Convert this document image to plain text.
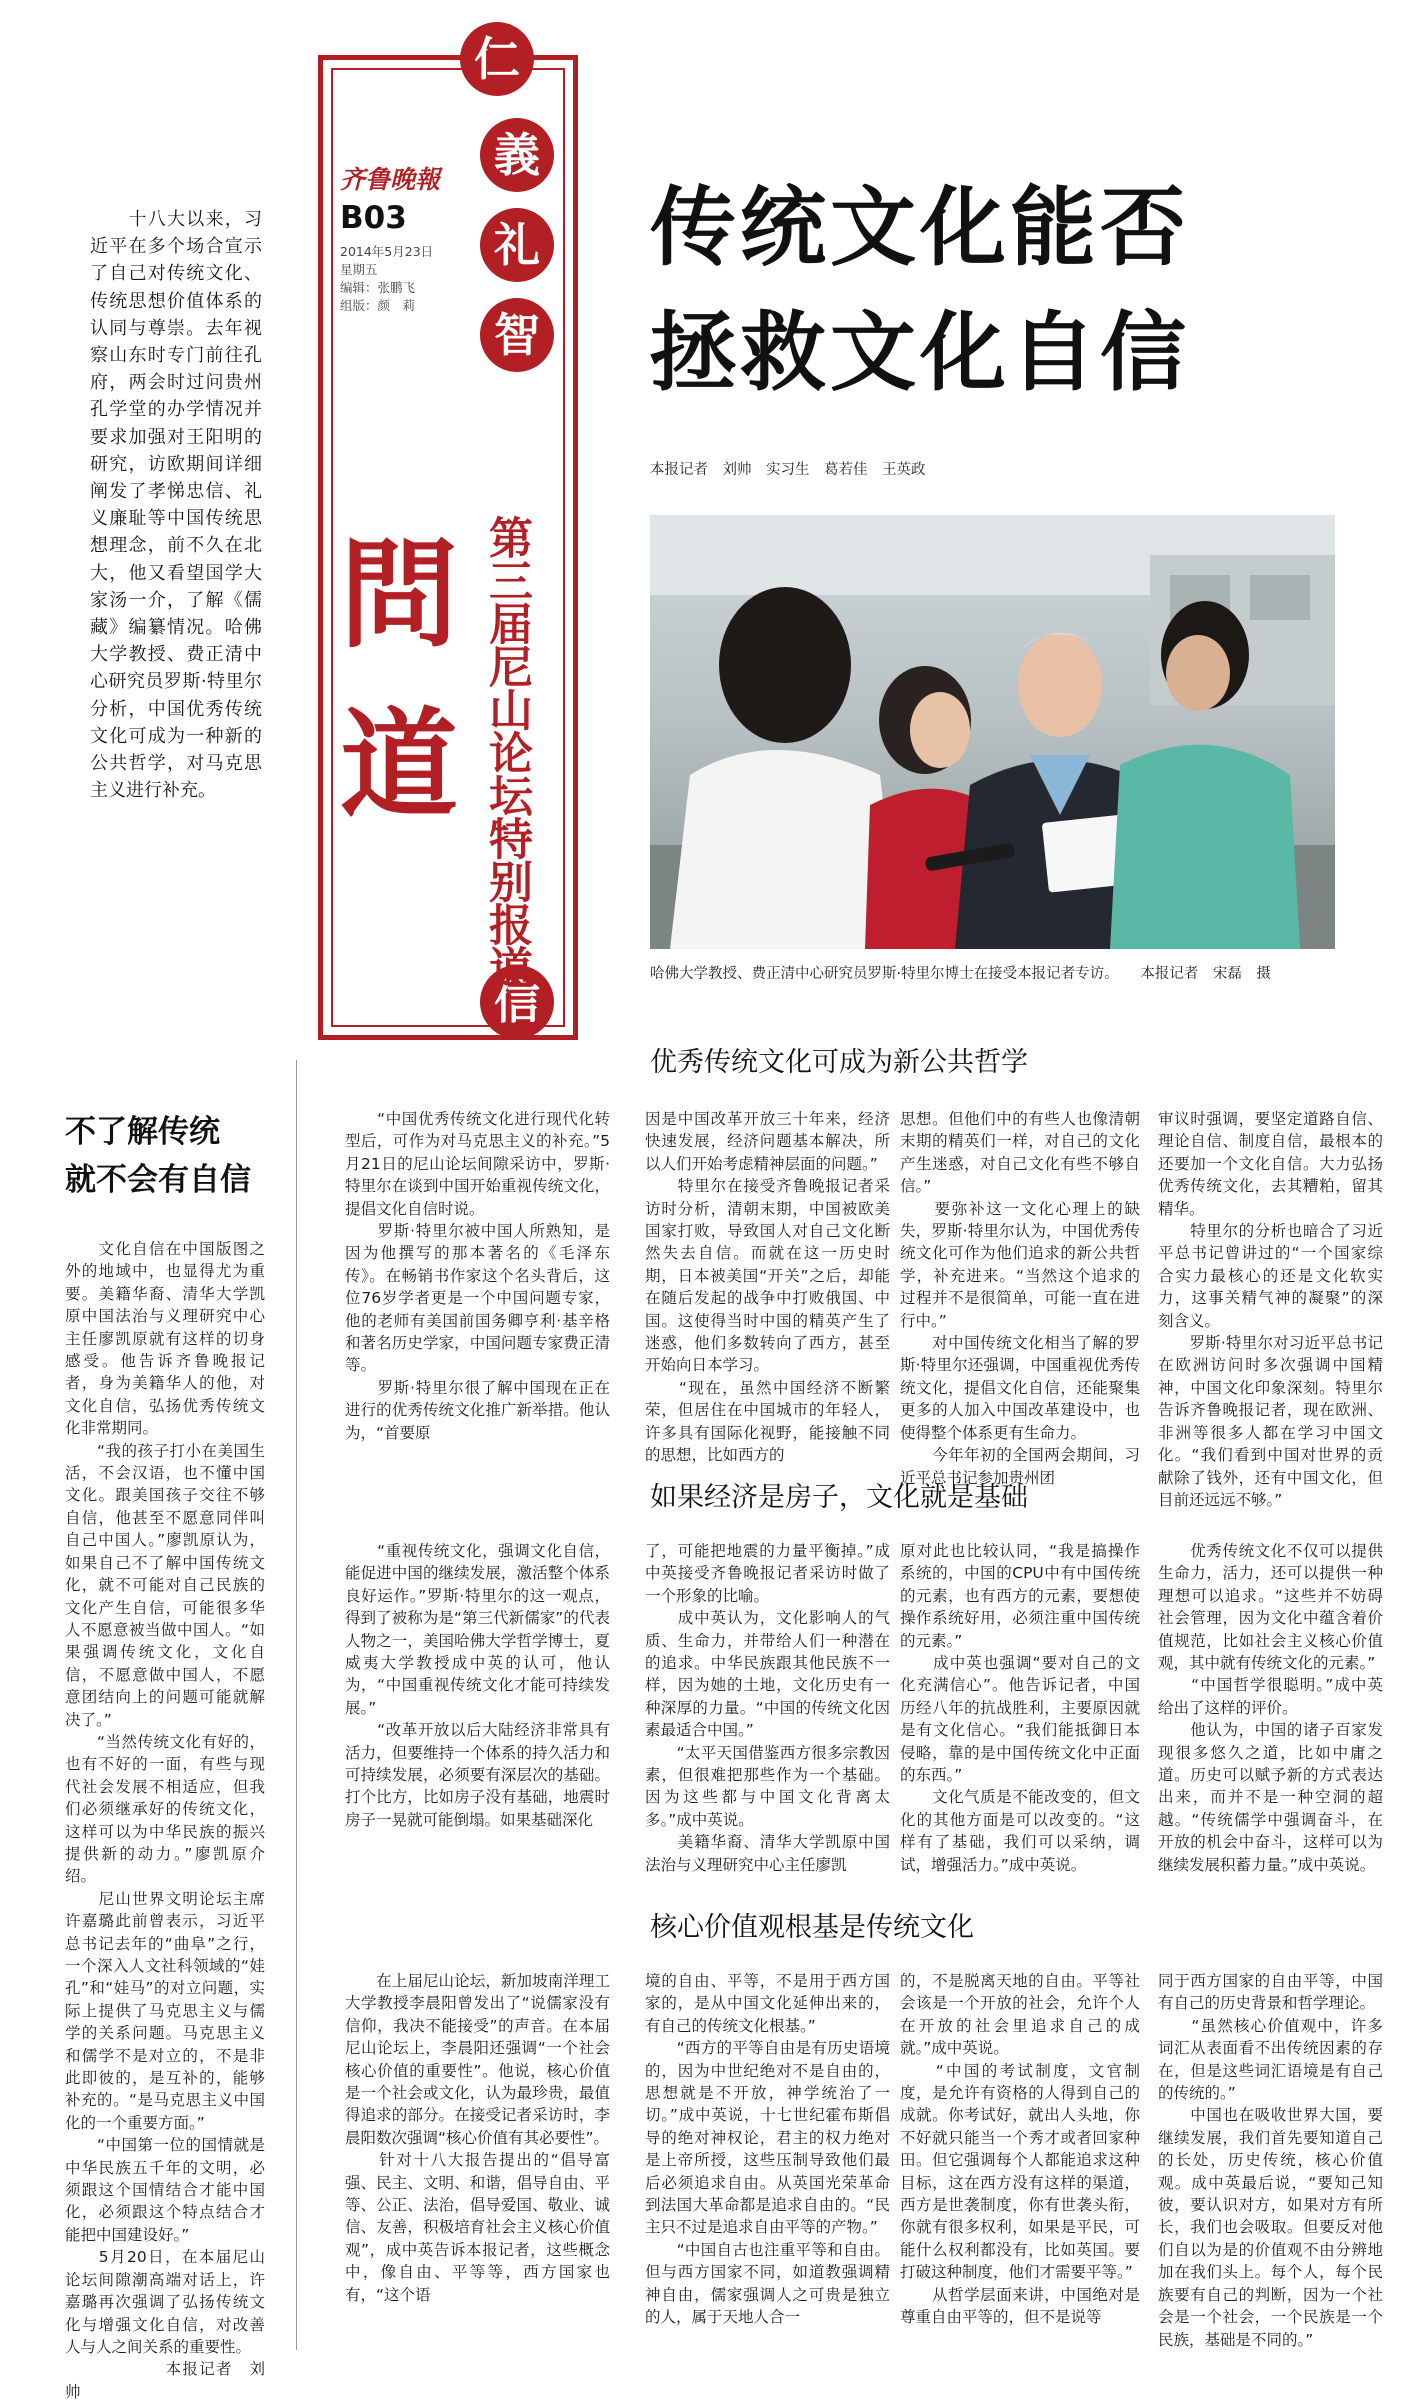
齐鲁晚報
B03
2014年5月23日
星期五
编辑：张鹏飞
组版：颜　莉
仁
義
礼
智
信
問
道 第三届尼山论坛特别报道
　　十八大以来，习近平在多个场合宣示了自己对传统文化、传统思想价值体系的认同与尊崇。去年视察山东时专门前往孔府，两会时过问贵州孔学堂的办学情况并要求加强对王阳明的研究，访欧期间详细阐发了孝悌忠信、礼义廉耻等中国传统思想理念，前不久在北大，他又看望国学大家汤一介，了解《儒藏》编纂情况。哈佛大学教授、费正清中心研究员罗斯·特里尔分析，中国优秀传统文化可成为一种新的公共哲学，对马克思主义进行补充。
传统文化能否
拯救文化自信
本报记者　刘帅　实习生　葛若佳　王英政
哈佛大学教授、费正清中心研究员罗斯·特里尔博士在接受本报记者专访。　　本报记者　宋磊　摄
不了解传统
就不会有自信
　　文化自信在中国版图之外的地域中，也显得尤为重要。美籍华裔、清华大学凯原中国法治与义理研究中心主任廖凯原就有这样的切身感受。他告诉齐鲁晚报记者，身为美籍华人的他，对文化自信，弘扬优秀传统文化非常期同。
　　“我的孩子打小在美国生活，不会汉语，也不懂中国文化。跟美国孩子交往不够自信，他甚至不愿意同伴叫自己中国人。”廖凯原认为，如果自己不了解中国传统文化，就不可能对自己民族的文化产生自信，可能很多华人不愿意被当做中国人。“如果强调传统文化，文化自信，不愿意做中国人，不愿意团结向上的问题可能就解决了。”
　　“当然传统文化有好的，也有不好的一面，有些与现代社会发展不相适应，但我们必须继承好的传统文化，这样可以为中华民族的振兴提供新的动力。”廖凯原介绍。
　　尼山世界文明论坛主席许嘉璐此前曾表示，习近平总书记去年的“曲阜”之行，一个深入人文社科领域的“娃孔”和“娃马”的对立问题，实际上提供了马克思主义与儒学的关系问题。马克思主义和儒学不是对立的，不是非此即彼的，是互补的，能够补充的。“是马克思主义中国化的一个重要方面。”
　　“中国第一位的国情就是中华民族五千年的文明，必须跟这个国情结合才能中国化，必须跟这个特点结合才能把中国建设好。”
　　5月20日，在本届尼山论坛间隙潮高端对话上，许嘉璐再次强调了弘扬传统文化与增强文化自信，对改善人与人之间关系的重要性。
　　　　　　本报记者　刘帅
优秀传统文化可成为新公共哲学
　　“中国优秀传统文化进行现代化转型后，可作为对马克思主义的补充。”5月21日的尼山论坛间隙采访中，罗斯·特里尔在谈到中国开始重视传统文化，提倡文化自信时说。
　　罗斯·特里尔被中国人所熟知，是因为他撰写的那本著名的《毛泽东传》。在畅销书作家这个名头背后，这位76岁学者更是一个中国问题专家，他的老师有美国前国务卿亨利·基辛格和著名历史学家，中国问题专家费正清等。
　　罗斯·特里尔很了解中国现在正在进行的优秀传统文化推广新举措。他认为，“首要原
因是中国改革开放三十年来，经济快速发展，经济问题基本解决，所以人们开始考虑精神层面的问题。”
　　特里尔在接受齐鲁晚报记者采访时分析，清朝末期，中国被欧美国家打败，导致国人对自己文化断然失去自信。而就在这一历史时期，日本被美国“开关”之后，却能在随后发起的战争中打败俄国、中国。这使得当时中国的精英产生了迷惑，他们多数转向了西方，甚至开始向日本学习。
　　“现在，虽然中国经济不断繁荣，但居住在中国城市的年轻人，许多具有国际化视野，能接触不同的思想，比如西方的
思想。但他们中的有些人也像清朝末期的精英们一样，对自己的文化产生迷惑，对自己文化有些不够自信。”
　　要弥补这一文化心理上的缺失，罗斯·特里尔认为，中国优秀传统文化可作为他们追求的新公共哲学，补充进来。“当然这个追求的过程并不是很简单，可能一直在进行中。”
　　对中国传统文化相当了解的罗斯·特里尔还强调，中国重视优秀传统文化，提倡文化自信，还能聚集更多的人加入中国改革建设中，也使得整个体系更有生命力。
　　今年年初的全国两会期间，习近平总书记参加贵州团
审议时强调，要坚定道路自信、理论自信、制度自信，最根本的还要加一个文化自信。大力弘扬优秀传统文化，去其糟粕，留其精华。
　　特里尔的分析也暗合了习近平总书记曾讲过的“一个国家综合实力最核心的还是文化软实力，这事关精气神的凝聚”的深刻含义。
　　罗斯·特里尔对习近平总书记在欧洲访问时多次强调中国精神，中国文化印象深刻。特里尔告诉齐鲁晚报记者，现在欧洲、非洲等很多人都在学习中国文化。“我们看到中国对世界的贡献除了钱外，还有中国文化，但目前还远远不够。”
如果经济是房子，文化就是基础
　　“重视传统文化，强调文化自信，能促进中国的继续发展，激活整个体系良好运作。”罗斯·特里尔的这一观点，得到了被称为是“第三代新儒家”的代表人物之一，美国哈佛大学哲学博士，夏威夷大学教授成中英的认可，他认为，“中国重视传统文化才能可持续发展。”
　　“改革开放以后大陆经济非常具有活力，但要维持一个体系的持久活力和可持续发展，必须要有深层次的基础。打个比方，比如房子没有基础，地震时房子一晃就可能倒塌。如果基础深化
了，可能把地震的力量平衡掉。”成中英接受齐鲁晚报记者采访时做了一个形象的比喻。
　　成中英认为，文化影响人的气质、生命力，并带给人们一种潜在的追求。中华民族跟其他民族不一样，因为她的土地，文化历史有一种深厚的力量。“中国的传统文化因素最适合中国。”
　　“太平天国借鉴西方很多宗教因素，但很难把那些作为一个基础。因为这些都与中国文化背离太多。”成中英说。
　　美籍华裔、清华大学凯原中国法治与义理研究中心主任廖凯
原对此也比较认同，“我是搞操作系统的，中国的CPU中有中国传统的元素，也有西方的元素，要想使操作系统好用，必须注重中国传统的元素。”
　　成中英也强调“要对自己的文化充满信心”。他告诉记者，中国历经八年的抗战胜利，主要原因就是有文化信心。“我们能抵御日本侵略，靠的是中国传统文化中正面的东西。”
　　文化气质是不能改变的，但文化的其他方面是可以改变的。“这样有了基础，我们可以采纳，调试，增强活力。”成中英说。
　　优秀传统文化不仅可以提供生命力，活力，还可以提供一种理想可以追求。“这些并不妨碍社会管理，因为文化中蕴含着价值规范，比如社会主义核心价值观，其中就有传统文化的元素。”
　　“中国哲学很聪明。”成中英给出了这样的评价。
　　他认为，中国的诸子百家发现很多悠久之道，比如中庸之道。历史可以赋予新的方式表达出来，而并不是一种空洞的超越。“传统儒学中强调奋斗，在开放的机会中奋斗，这样可以为继续发展积蓄力量。”成中英说。
核心价值观根基是传统文化
　　在上届尼山论坛，新加坡南洋理工大学教授李晨阳曾发出了“说儒家没有信仰，我决不能接受”的声音。在本届尼山论坛上，李晨阳还强调“一个社会核心价值的重要性”。他说，核心价值是一个社会或文化，认为最珍贵，最值得追求的部分。在接受记者采访时，李晨阳数次强调“核心价值有其必要性”。
　　针对十八大报告提出的“倡导富强、民主、文明、和谐，倡导自由、平等、公正、法治，倡导爱国、敬业、诚信、友善，积极培育社会主义核心价值观”，成中英告诉本报记者，这些概念中，像自由、平等等，西方国家也有，“这个语
境的自由、平等，不是用于西方国家的，是从中国文化延伸出来的，有自己的传统文化根基。”
　　“西方的平等自由是有历史语境的，因为中世纪绝对不是自由的，思想就是不开放，神学统治了一切。”成中英说，十七世纪霍布斯倡导的绝对神权论，君主的权力绝对是上帝所授，这些压制导致他们最后必须追求自由。从英国光荣革命到法国大革命都是追求自由的。“民主只不过是追求自由平等的产物。”
　　“中国自古也注重平等和自由。但与西方国家不同，如道教强调精神自由，儒家强调人之可贵是独立的人，属于天地人合一
的，不是脱离天地的自由。平等社会该是一个开放的社会，允许个人在开放的社会里追求自己的成就。”成中英说。
　　“中国的考试制度，文官制度，是允许有资格的人得到自己的成就。你考试好，就出人头地，你不好就只能当一个秀才或者回家种田。但它强调每个人都能追求这种目标，这在西方没有这样的渠道，西方是世袭制度，你有世袭头衔，你就有很多权利，如果是平民，可能什么权利都没有，比如英国。要打破这种制度，他们才需要平等。”
　　从哲学层面来讲，中国绝对是尊重自由平等的，但不是说等
同于西方国家的自由平等，中国有自己的历史背景和哲学理论。
　　“虽然核心价值观中，许多词汇从表面看不出传统因素的存在，但是这些词汇语境是有自己的传统的。”
　　中国也在吸收世界大国，要继续发展，我们首先要知道自己的长处，历史传统，核心价值观。成中英最后说，“要知己知彼，要认识对方，如果对方有所长，我们也会吸取。但要反对他们自以为是的价值观不由分辨地加在我们头上。每个人，每个民族要有自己的判断，因为一个社会是一个社会，一个民族是一个民族，基础是不同的。”
